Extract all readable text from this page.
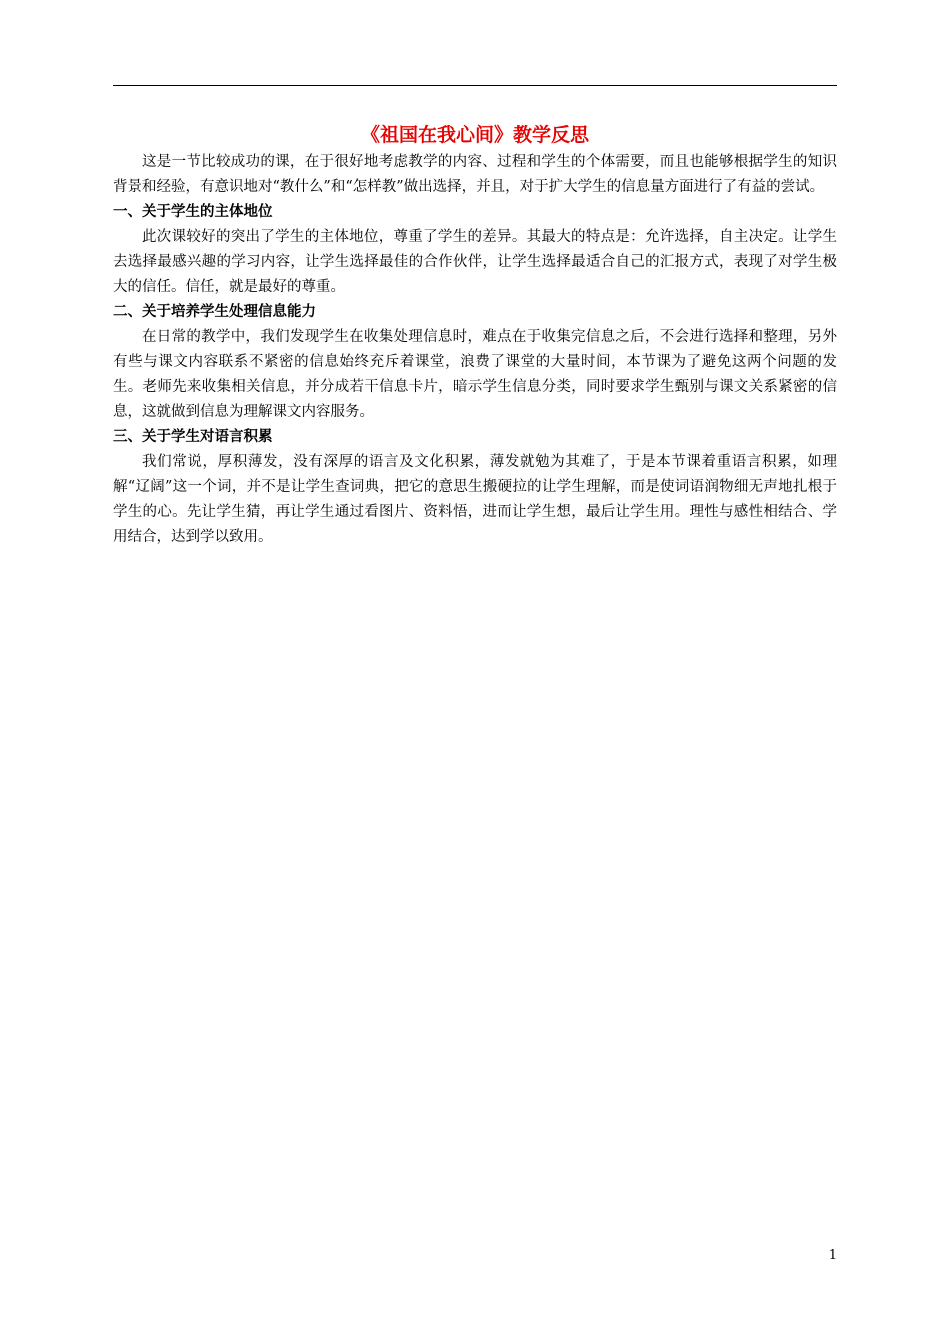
《祖国在我心间》教学反思

这是一节比较成功的课，在于很好地考虑教学的内容、过程和学生的个体需要，而且也能够根据学生的知识背景和经验，有意识地对“教什么”和“怎样教”做出选择，并且，对于扩大学生的信息量方面进行了有益的尝试。

一、关于学生的主体地位

此次课较好的突出了学生的主体地位，尊重了学生的差异。其最大的特点是：允许选择，自主决定。让学生去选择最感兴趣的学习内容，让学生选择最佳的合作伙伴，让学生选择最适合自己的汇报方式，表现了对学生极大的信任。信任，就是最好的尊重。

二、关于培养学生处理信息能力

在日常的教学中，我们发现学生在收集处理信息时，难点在于收集完信息之后，不会进行选择和整理，另外有些与课文内容联系不紧密的信息始终充斥着课堂，浪费了课堂的大量时间，本节课为了避免这两个问题的发生。老师先来收集相关信息，并分成若干信息卡片，暗示学生信息分类，同时要求学生甄别与课文关系紧密的信息，这就做到信息为理解课文内容服务。

三、关于学生对语言积累

我们常说，厚积薄发，没有深厚的语言及文化积累，薄发就勉为其难了，于是本节课着重语言积累，如理解“辽阔”这一个词，并不是让学生查词典，把它的意思生搬硬拉的让学生理解，而是使词语润物细无声地扎根于学生的心。先让学生猜，再让学生通过看图片、资料悟，进而让学生想，最后让学生用。理性与感性相结合、学用结合，达到学以致用。

1
